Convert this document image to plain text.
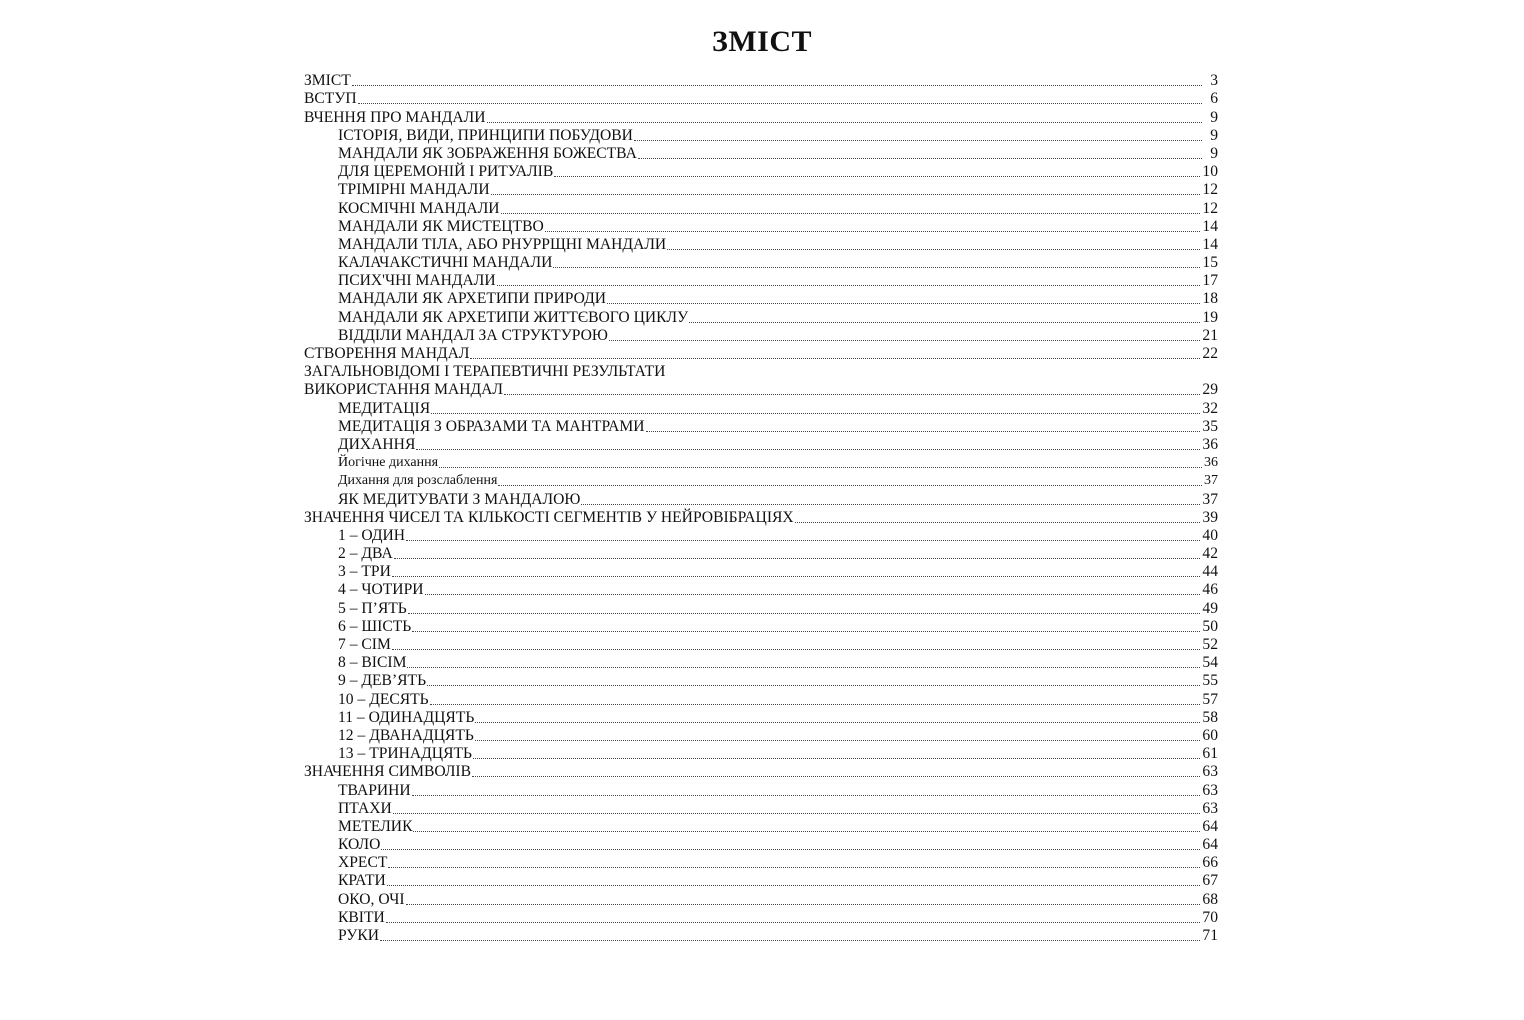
ЗМІСТ
ЗМІСТ	3
ВСТУП	6
ВЧЕННЯ ПРО МАНДАЛИ	9
ІСТОРІЯ, ВИДИ, ПРИНЦИПИ ПОБУДОВИ	9
МАНДАЛИ ЯК ЗОБРАЖЕННЯ БОЖЕСТВА	9
ДЛЯ ЦЕРЕМОНІЙ І РИТУАЛІВ	10
ТРІМІРНІ МАНДАЛИ	12
КОСМІЧНІ МАНДАЛИ	12
МАНДАЛИ ЯК МИСТЕЦТВО	14
МАНДАЛИ ТІЛА, АБО РНУРРЩНІ МАНДАЛИ	14
КАЛАЧАКСТИЧНІ МАНДАЛИ	15
ПСИХ'ЧНІ МАНДАЛИ	17
МАНДАЛИ ЯК АРХЕТИПИ ПРИРОДИ	18
МАНДАЛИ ЯК АРХЕТИПИ ЖИТТЄВОГО ЦИКЛУ	19
ВІДДІЛИ МАНДАЛ ЗА СТРУКТУРОЮ	21
СТВОРЕННЯ МАНДАЛ	22
ЗАГАЛЬНОВІДОМІ І ТЕРАПЕВТИЧНІ РЕЗУЛЬТАТИ
ВИКОРИСТАННЯ МАНДАЛ	29
МЕДИТАЦІЯ	32
МЕДИТАЦІЯ З ОБРАЗАМИ ТА МАНТРАМИ	35
ДИХАННЯ	36
Йогічне дихання	36
Дихання для розслаблення	37
ЯК МЕДИТУВАТИ З МАНДАЛОЮ	37
ЗНАЧЕННЯ ЧИСЕЛ ТА КІЛЬКОСТІ СЕГМЕНТІВ У НЕЙРОВІБРАЦІЯХ	39
1 – ОДИН	40
2 – ДВА	42
3 – ТРИ	44
4 – ЧОТИРИ	46
5 – П’ЯТЬ	49
6 – ШІСТЬ	50
7 – СІМ	52
8 – ВІСІМ	54
9 – ДЕВ’ЯТЬ	55
10 – ДЕСЯТЬ	57
11 – ОДИНАДЦЯТЬ	58
12 – ДВАНАДЦЯТЬ	60
13 – ТРИНАДЦЯТЬ	61
ЗНАЧЕННЯ СИМВОЛІВ	63
ТВАРИНИ	63
ПТАХИ	63
МЕТЕЛИК	64
КОЛО	64
ХРЕСТ	66
КРАТИ	67
ОКО, ОЧІ	68
КВІТИ	70
РУКИ	71
